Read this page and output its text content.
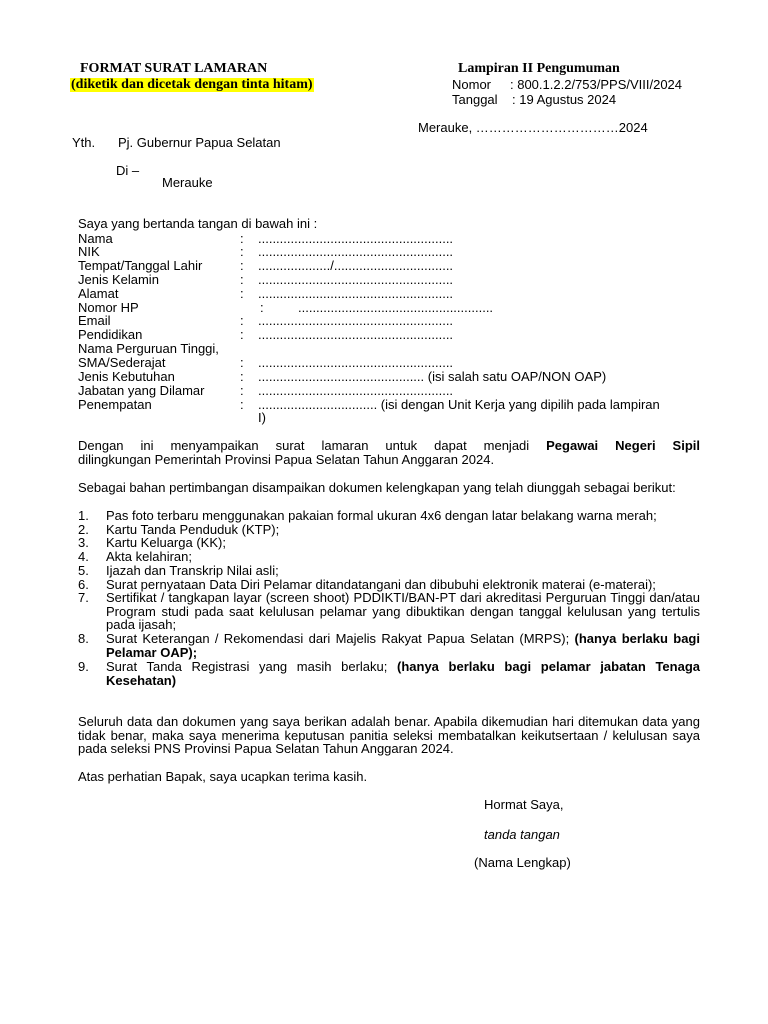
FORMAT SURAT LAMARAN
(diketik dan dicetak dengan tinta hitam)
Lampiran II Pengumuman
Nomor : 800.1.2.2/753/PPS/VIII/2024
Tanggal : 19 Agustus 2024
Merauke, ……………………………2024
Yth. Pj. Gubernur Papua Selatan
Di –
Merauke
Saya yang bertanda tangan di bawah ini :
Nama	: ......................................................
NIK	: ......................................................
Tempat/Tanggal Lahir	: ..................../.................................
Jenis Kelamin	: ......................................................
Alamat	: ......................................................
Nomor HP	:	......................................................
Email	: ......................................................
Pendidikan	: ......................................................
Nama Perguruan Tinggi,
SMA/Sederajat	: ......................................................
Jenis Kebutuhan	: .............................................. (isi salah satu OAP/NON OAP)
Jabatan yang Dilamar	: ......................................................
Penempatan	: ................................. (isi dengan Unit Kerja yang dipilih pada lampiran
I)
Dengan ini menyampaikan surat lamaran untuk dapat menjadi Pegawai Negeri Sipil
dilingkungan Pemerintah Provinsi Papua Selatan Tahun Anggaran 2024.
Sebagai bahan pertimbangan disampaikan dokumen kelengkapan yang telah diunggah sebagai berikut:
1.	Pas foto terbaru menggunakan pakaian formal ukuran 4x6 dengan latar belakang warna merah;
2.	Kartu Tanda Penduduk (KTP);
3.	Kartu Keluarga (KK);
4.	Akta kelahiran;
5.	Ijazah dan Transkrip Nilai asli;
6.	Surat pernyataan Data Diri Pelamar ditandatangani dan dibubuhi elektronik materai (e-materai);
7.	Sertifikat / tangkapan layar (screen shoot) PDDIKTI/BAN-PT dari akreditasi Perguruan Tinggi dan/atau Program studi pada saat kelulusan pelamar yang dibuktikan dengan tanggal kelulusan yang tertulis pada ijasah;
8.	Surat Keterangan / Rekomendasi dari Majelis Rakyat Papua Selatan (MRPS); (hanya berlaku bagi Pelamar OAP);
9.	Surat Tanda Registrasi yang masih berlaku; (hanya berlaku bagi pelamar jabatan Tenaga Kesehatan)
Seluruh data dan dokumen yang saya berikan adalah benar. Apabila dikemudian hari ditemukan data yang tidak benar, maka saya menerima keputusan panitia seleksi membatalkan keikutsertaan / kelulusan saya pada seleksi PNS Provinsi Papua Selatan Tahun Anggaran 2024.
Atas perhatian Bapak, saya ucapkan terima kasih.
Hormat Saya,
tanda tangan
(Nama Lengkap)
